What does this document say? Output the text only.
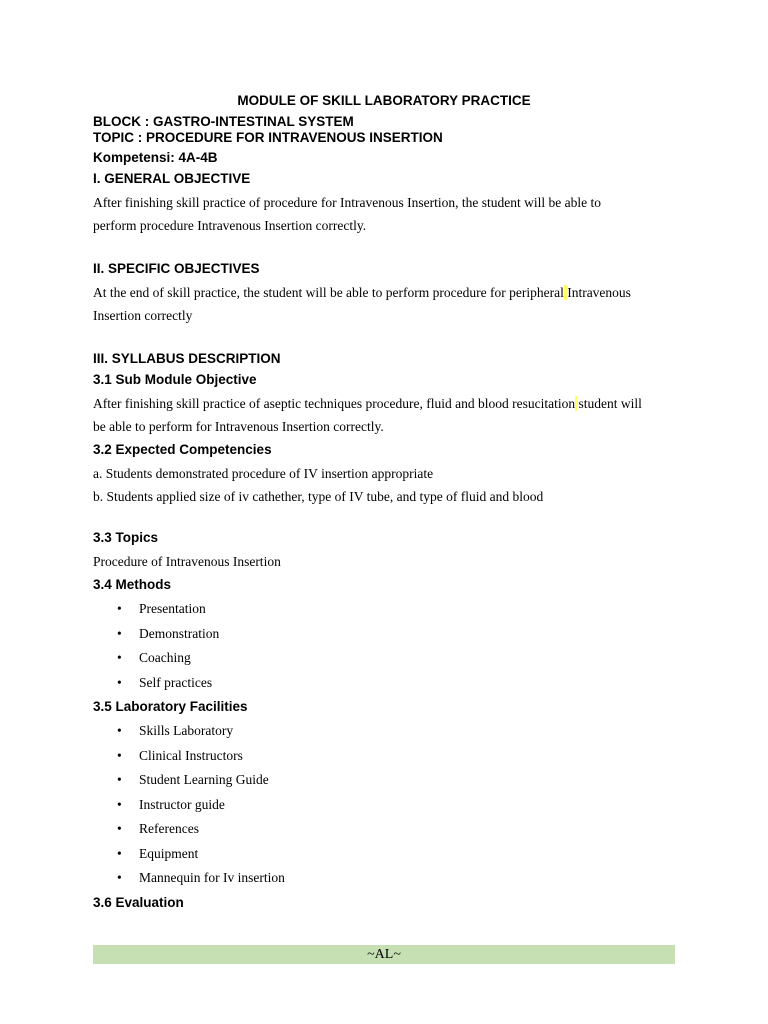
MODULE OF SKILL LABORATORY PRACTICE
BLOCK : GASTRO-INTESTINAL SYSTEM
TOPIC : PROCEDURE FOR INTRAVENOUS INSERTION
Kompetensi: 4A-4B
I. GENERAL OBJECTIVE
After finishing skill practice of procedure for Intravenous Insertion, the student will be able to
perform procedure Intravenous Insertion correctly.
II. SPECIFIC OBJECTIVES
At the end of skill practice, the student will be able to perform procedure for peripheral Intravenous
Insertion correctly
III. SYLLABUS DESCRIPTION
3.1 Sub Module Objective
After finishing skill practice of aseptic techniques procedure, fluid and blood resucitation student will
be able to perform for Intravenous Insertion correctly.
3.2 Expected Competencies
a. Students demonstrated procedure of IV insertion appropriate
b. Students applied size of iv cathether, type of IV tube, and type of fluid and blood
3.3 Topics
Procedure of Intravenous Insertion
3.4 Methods
• Presentation
• Demonstration
• Coaching
• Self practices
3.5 Laboratory Facilities
• Skills Laboratory
• Clinical Instructors
• Student Learning Guide
• Instructor guide
• References
• Equipment
• Mannequin for Iv insertion
3.6 Evaluation
~AL~
